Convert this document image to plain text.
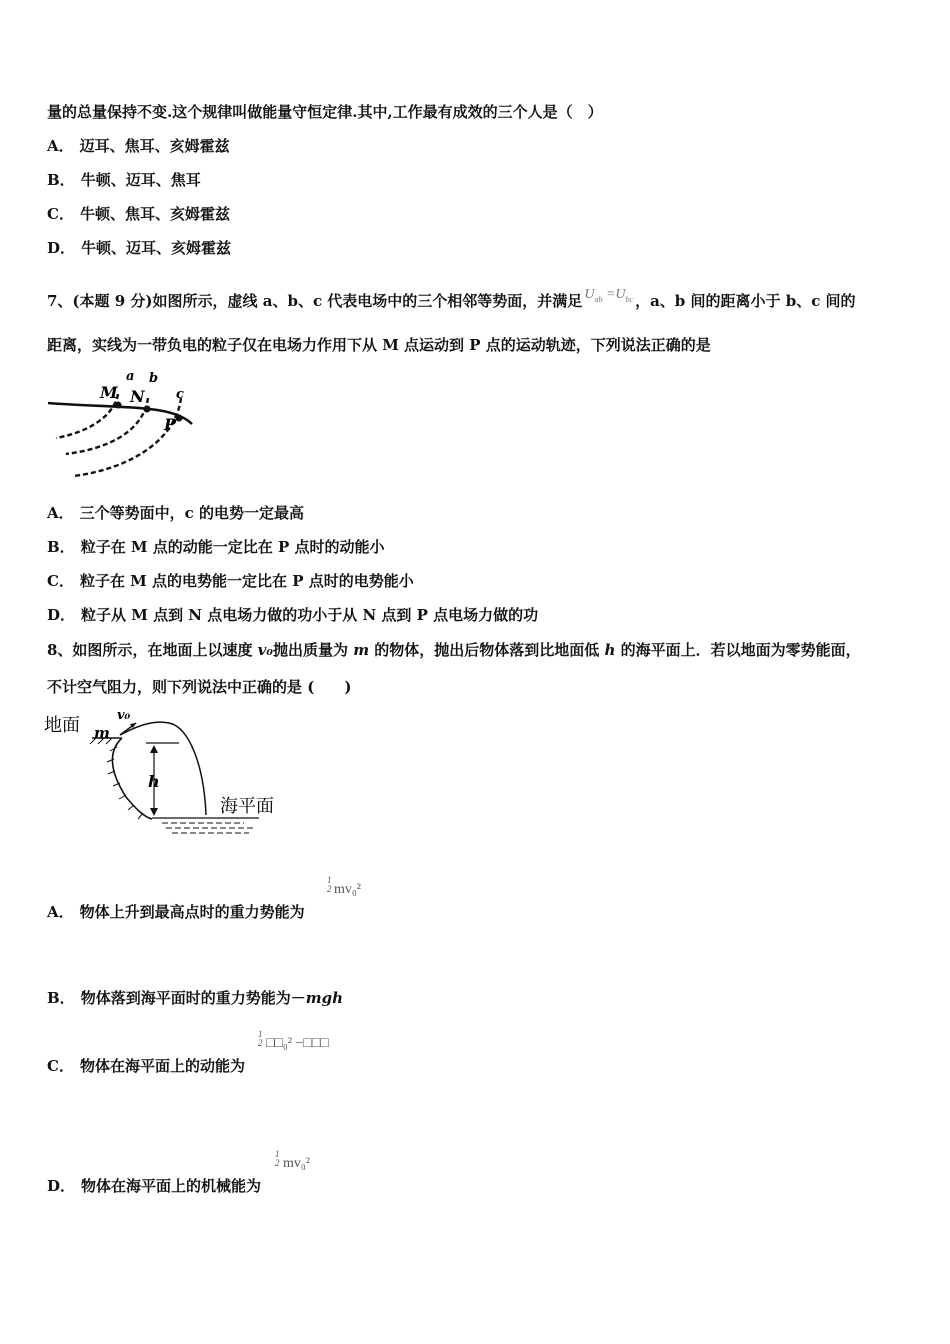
量的总量保持不变.这个规律叫做能量守恒定律.其中,工作最有成效的三个人是（　）
A． 迈耳、焦耳、亥姆霍兹
B． 牛顿、迈耳、焦耳
C． 牛顿、焦耳、亥姆霍兹
D． 牛顿、迈耳、亥姆霍兹
7、(本题 9 分)如图所示，虚线 a、b、c 代表电场中的三个相邻等势面，并满足 $U_{ab} =U_{bc}$ ，a、b 间的距离小于 b、c 间的
距离，实线为一带负电的粒子仅在电场力作用下从 M 点运动到 P 点的运动轨迹，下列说法正确的是
M N
P
a b
c
A． 三个等势面中，c 的电势一定最高
B． 粒子在 M 点的动能一定比在 P 点时的动能小
C． 粒子在 M 点的电势能一定比在 P 点时的电势能小
D． 粒子从 M 点到 N 点电场力做的功小于从 N 点到 P 点电场力做的功
8、如图所示，在地面上以速度 v₀抛出质量为 m 的物体，抛出后物体落到比地面低 h 的海平面上．若以地面为零势能面，
不计空气阻力，则下列说法中正确的是 (　　)
地面 m
v₀
h
海平面
A． 物体上升到最高点时的重力势能为
1
2 mv₀²
B． 物体落到海平面时的重力势能为－mgh
C． 物体在海平面上的动能为
1
2 □□₀² −□□□
D． 物体在海平面上的机械能为
1
2 mv₀²
